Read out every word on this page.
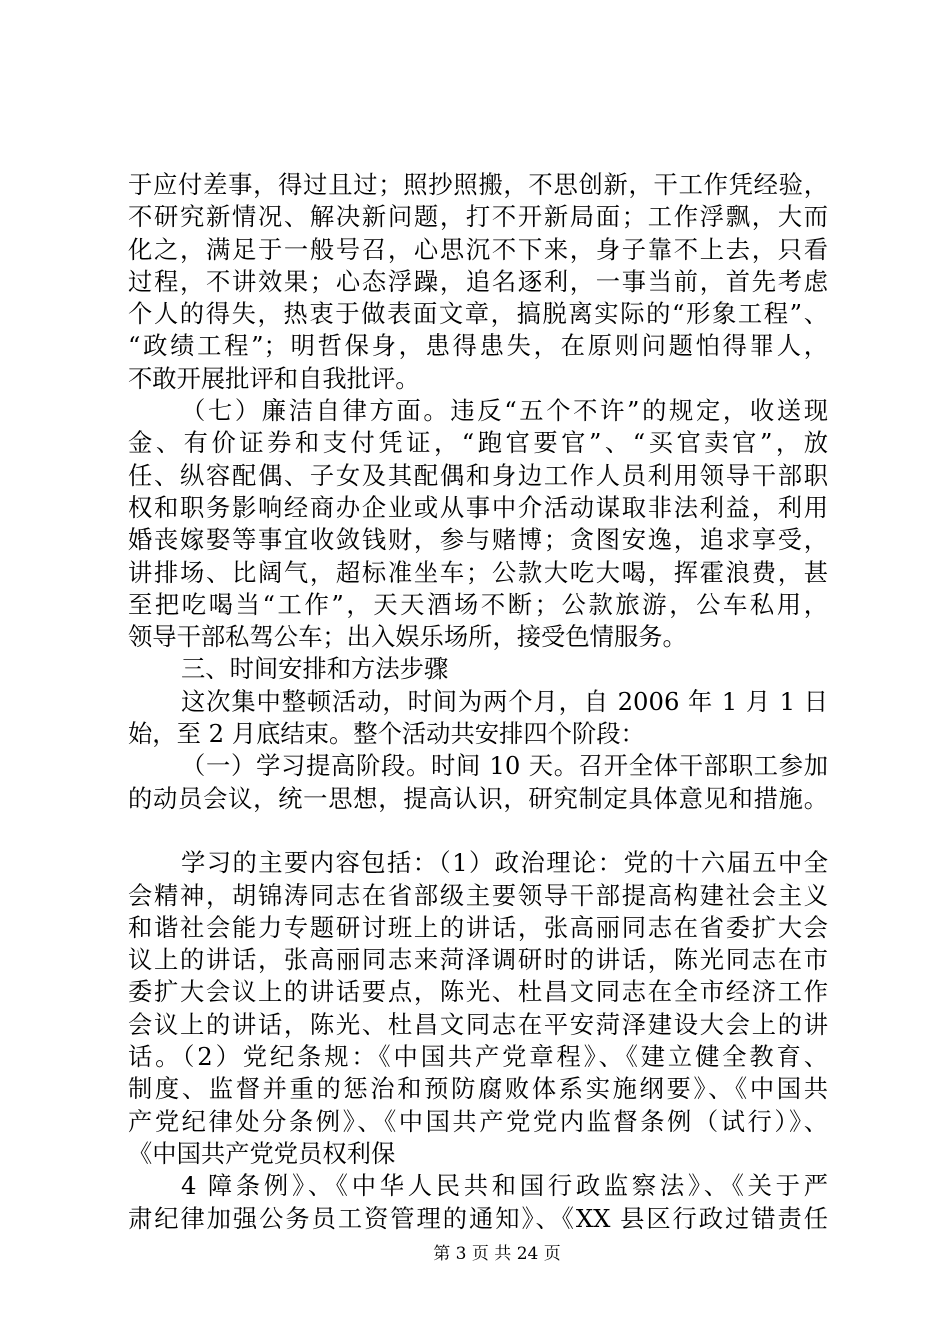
于应付差事，得过且过；照抄照搬，不思创新，干工作凭经验，
不研究新情况、解决新问题，打不开新局面；工作浮飘，大而
化之，满足于一般号召，心思沉不下来，身子靠不上去，只看
过程，不讲效果；心态浮躁，追名逐利，一事当前，首先考虑
个人的得失，热衷于做表面文章，搞脱离实际的“形象工程”、
“政绩工程”；明哲保身，患得患失，在原则问题怕得罪人，
不敢开展批评和自我批评。
（七）廉洁自律方面。违反“五个不许”的规定，收送现
金、有价证券和支付凭证，“跑官要官”、“买官卖官”，放
任、纵容配偶、子女及其配偶和身边工作人员利用领导干部职
权和职务影响经商办企业或从事中介活动谋取非法利益，利用
婚丧嫁娶等事宜收敛钱财，参与赌博；贪图安逸，追求享受，
讲排场、比阔气，超标准坐车；公款大吃大喝，挥霍浪费，甚
至把吃喝当“工作”，天天酒场不断；公款旅游，公车私用，
领导干部私驾公车；出入娱乐场所，接受色情服务。
三、时间安排和方法步骤
这次集中整顿活动，时间为两个月，自 2006 年 1 月 1 日
始，至 2 月底结束。整个活动共安排四个阶段：
（一）学习提高阶段。时间 10 天。召开全体干部职工参加
的动员会议，统一思想，提高认识，研究制定具体意见和措施。
学习的主要内容包括：（1）政治理论：党的十六届五中全
会精神，胡锦涛同志在省部级主要领导干部提高构建社会主义
和谐社会能力专题研讨班上的讲话，张高丽同志在省委扩大会
议上的讲话，张高丽同志来菏泽调研时的讲话，陈光同志在市
委扩大会议上的讲话要点，陈光、杜昌文同志在全市经济工作
会议上的讲话，陈光、杜昌文同志在平安菏泽建设大会上的讲
话。（2）党纪条规：《中国共产党章程》、《建立健全教育、
制度、监督并重的惩治和预防腐败体系实施纲要》、《中国共
产党纪律处分条例》、《中国共产党党内监督条例（试行）》、
《中国共产党党员权利保
4 障条例》、《中华人民共和国行政监察法》、《关于严
肃纪律加强公务员工资管理的通知》、《XX 县区行政过错责任
第 3 页 共 24 页
